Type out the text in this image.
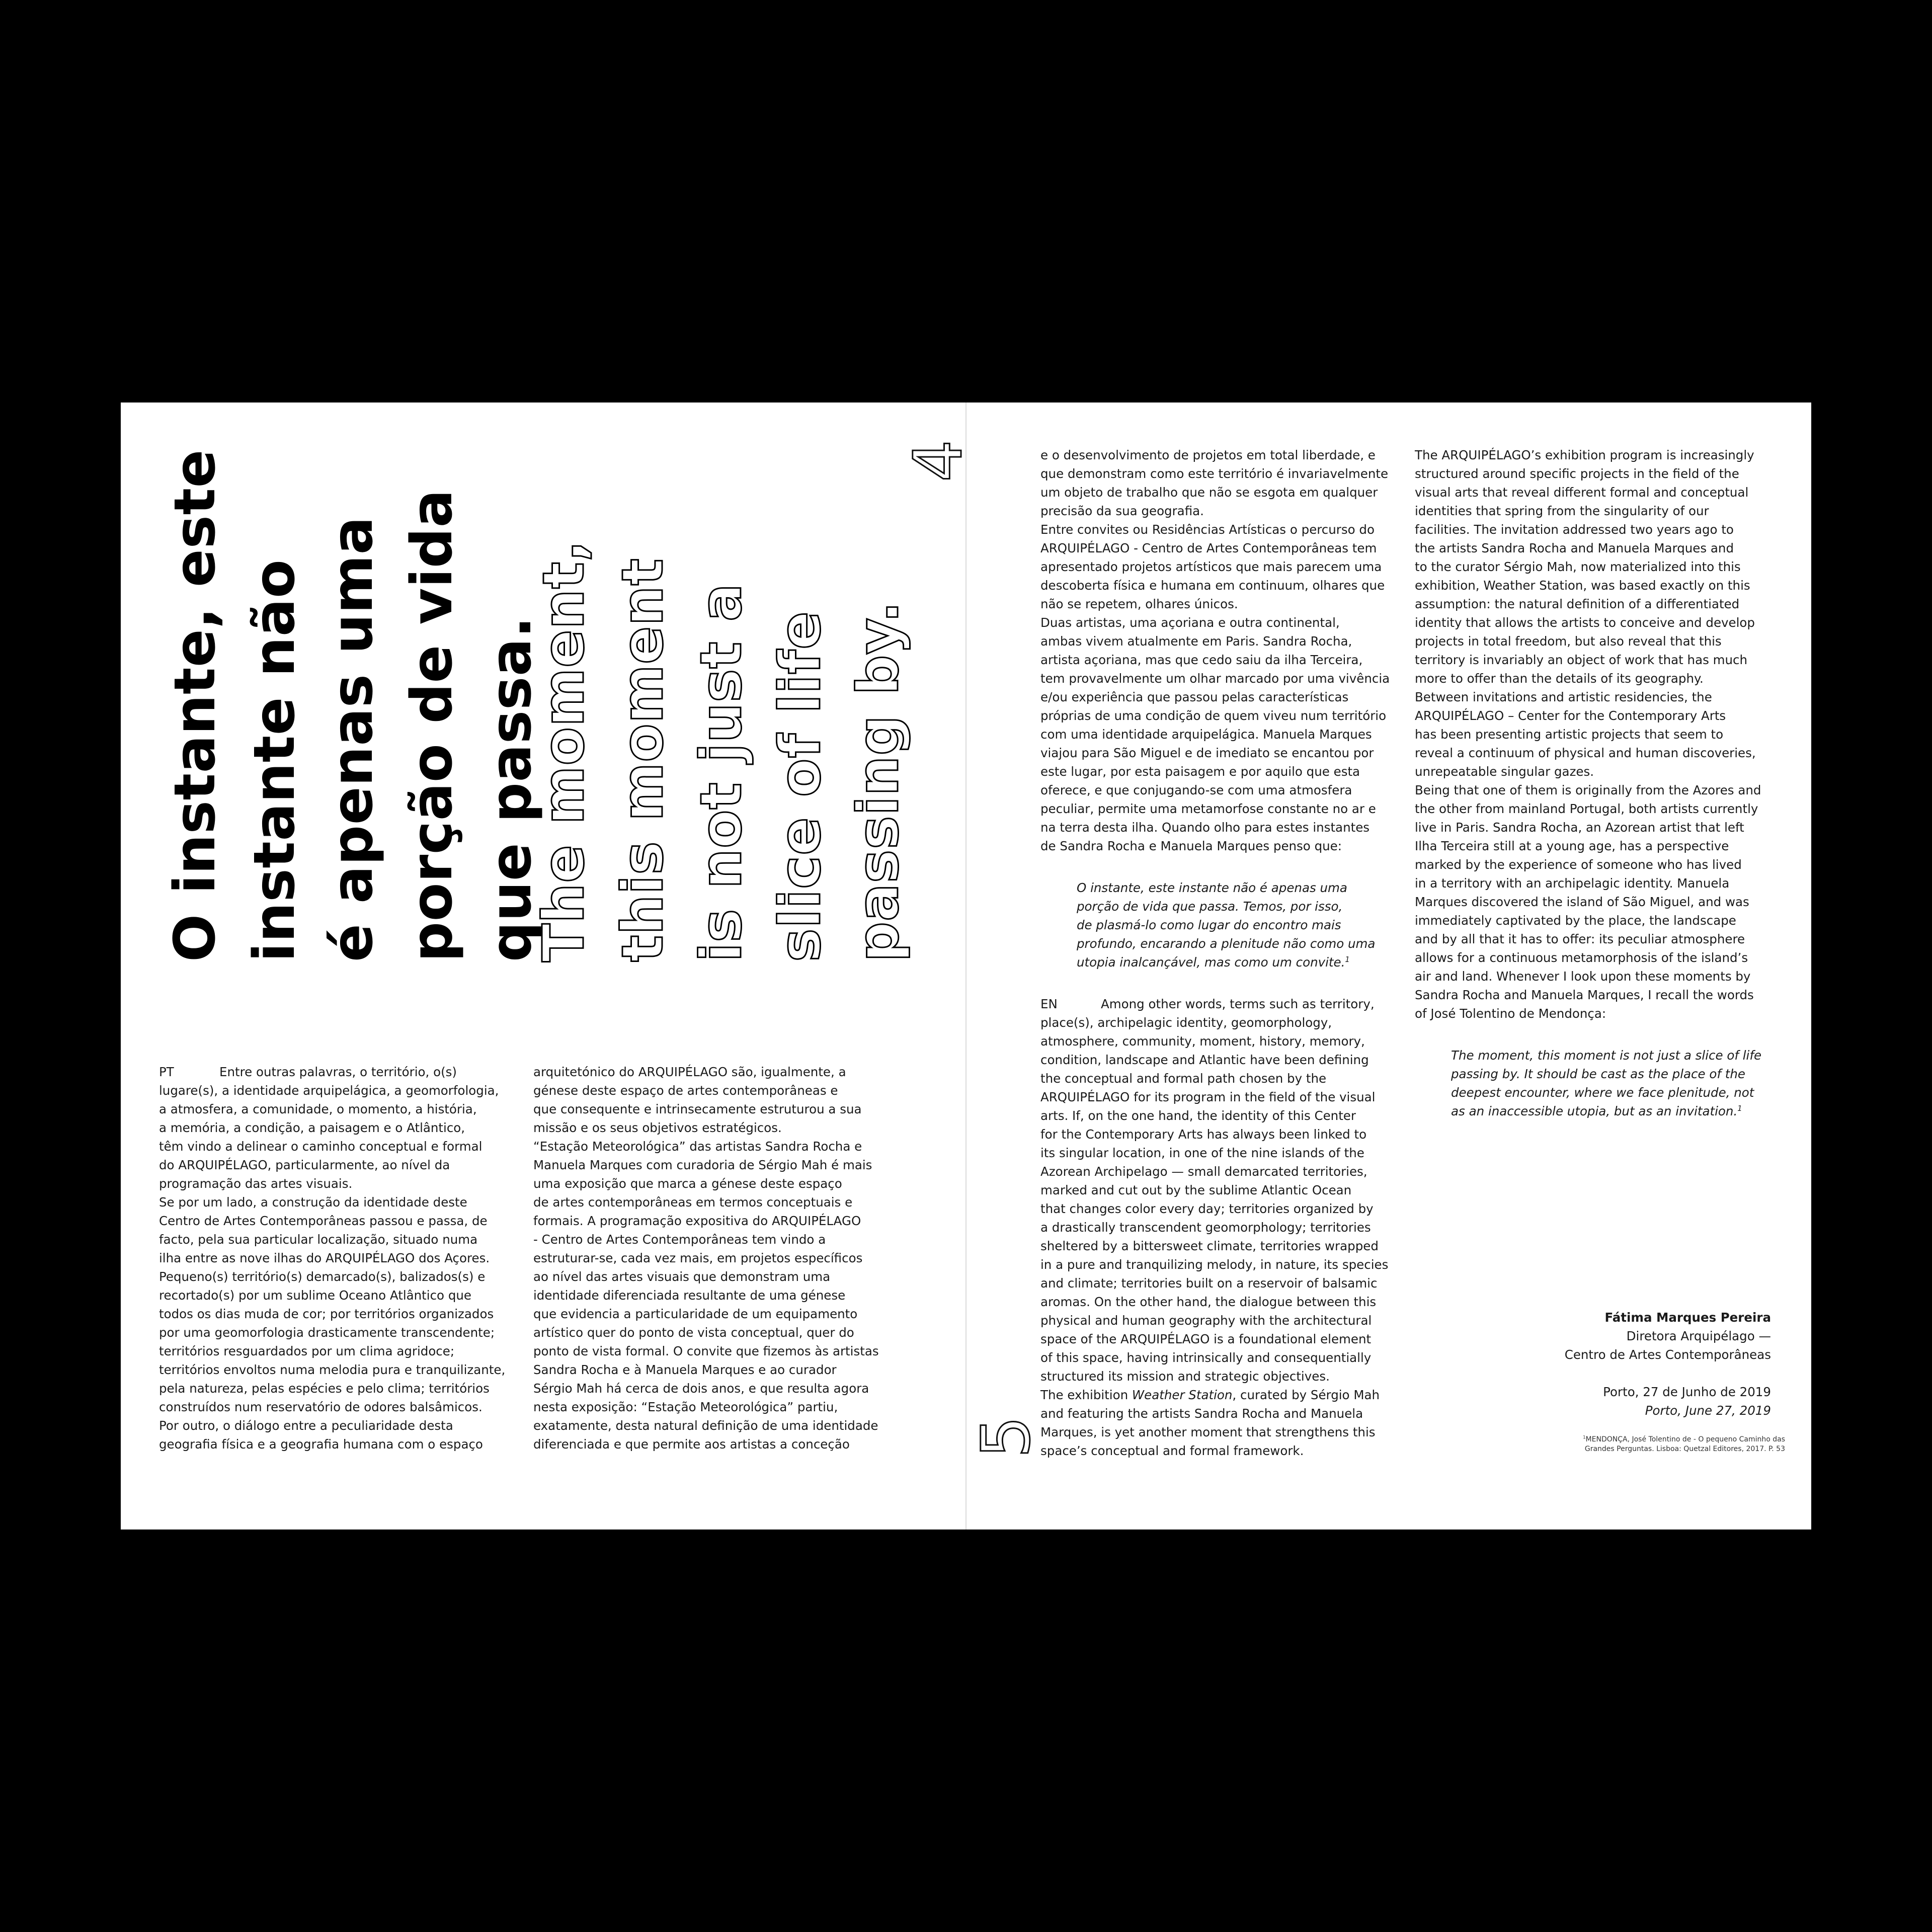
O instante, este instante não é apenas uma porção de vida que passa.
The moment, this moment is not just a slice of life passing by.
4
5

PT	Entre outras palavras, o território, o(s)

lugare(s), a identidade arquipelágica, a geomorfologia,

a atmosfera, a comunidade, o momento, a história,

a memória, a condição, a paisagem e o Atlântico,

têm vindo a delinear o caminho conceptual e formal

do ARQUIPÉLAGO, particularmente, ao nível da

programação das artes visuais.

Se por um lado, a construção da identidade deste

Centro de Artes Contemporâneas passou e passa, de

facto, pela sua particular localização, situado numa

ilha entre as nove ilhas do ARQUIPÉLAGO dos Açores.

Pequeno(s) território(s) demarcado(s), balizados(s) e

recortado(s) por um sublime Oceano Atlântico que

todos os dias muda de cor; por territórios organizados

por uma geomorfologia drasticamente transcendente;

territórios resguardados por um clima agridoce;

territórios envoltos numa melodia pura e tranquilizante,

pela natureza, pelas espécies e pelo clima; territórios

construídos num reservatório de odores balsâmicos.

Por outro, o diálogo entre a peculiaridade desta

geografia física e a geografia humana com o espaço

arquitetónico do ARQUIPÉLAGO são, igualmente, a

génese deste espaço de artes contemporâneas e

que consequente e intrinsecamente estruturou a sua

missão e os seus objetivos estratégicos.

“Estação Meteorológica” das artistas Sandra Rocha e

Manuela Marques com curadoria de Sérgio Mah é mais

uma exposição que marca a génese deste espaço

de artes contemporâneas em termos conceptuais e

formais. A programação expositiva do ARQUIPÉLAGO

- Centro de Artes Contemporâneas tem vindo a

estruturar-se, cada vez mais, em projetos específicos

ao nível das artes visuais que demonstram uma

identidade diferenciada resultante de uma génese

que evidencia a particularidade de um equipamento

artístico quer do ponto de vista conceptual, quer do

ponto de vista formal. O convite que fizemos às artistas

Sandra Rocha e à Manuela Marques e ao curador

Sérgio Mah há cerca de dois anos, e que resulta agora

nesta exposição: “Estação Meteorológica” partiu,

exatamente, desta natural definição de uma identidade

diferenciada e que permite aos artistas a conceção

e o desenvolvimento de projetos em total liberdade, e

que demonstram como este território é invariavelmente

um objeto de trabalho que não se esgota em qualquer

precisão da sua geografia.

Entre convites ou Residências Artísticas o percurso do

ARQUIPÉLAGO - Centro de Artes Contemporâneas tem

apresentado projetos artísticos que mais parecem uma

descoberta física e humana em continuum, olhares que

não se repetem, olhares únicos.

Duas artistas, uma açoriana e outra continental,

ambas vivem atualmente em Paris. Sandra Rocha,

artista açoriana, mas que cedo saiu da ilha Terceira,

tem provavelmente um olhar marcado por uma vivência

e/ou experiência que passou pelas características

próprias de uma condição de quem viveu num território

com uma identidade arquipelágica. Manuela Marques

viajou para São Miguel e de imediato se encantou por

este lugar, por esta paisagem e por aquilo que esta

oferece, e que conjugando-se com uma atmosfera

peculiar, permite uma metamorfose constante no ar e

na terra desta ilha. Quando olho para estes instantes

de Sandra Rocha e Manuela Marques penso que:

O instante, este instante não é apenas uma

porção de vida que passa. Temos, por isso,

de plasmá-lo como lugar do encontro mais

profundo, encarando a plenitude não como uma

utopia inalcançável, mas como um convite.$^1$

EN	Among other words, terms such as territory,

place(s), archipelagic identity, geomorphology,

atmosphere, community, moment, history, memory,

condition, landscape and Atlantic have been defining

the conceptual and formal path chosen by the

ARQUIPÉLAGO for its program in the field of the visual

arts. If, on the one hand, the identity of this Center

for the Contemporary Arts has always been linked to

its singular location, in one of the nine islands of the

Azorean Archipelago — small demarcated territories,

marked and cut out by the sublime Atlantic Ocean

that changes color every day; territories organized by

a drastically transcendent geomorphology; territories

sheltered by a bittersweet climate, territories wrapped

in a pure and tranquilizing melody, in nature, its species

and climate; territories built on a reservoir of balsamic

aromas. On the other hand, the dialogue between this

physical and human geography with the architectural

space of the ARQUIPÉLAGO is a foundational element

of this space, having intrinsically and consequentially

structured its mission and strategic objectives.

The exhibition Weather Station, curated by Sérgio Mah

and featuring the artists Sandra Rocha and Manuela

Marques, is yet another moment that strengthens this

space’s conceptual and formal framework.

The ARQUIPÉLAGO’s exhibition program is increasingly

structured around specific projects in the field of the

visual arts that reveal different formal and conceptual

identities that spring from the singularity of our

facilities. The invitation addressed two years ago to

the artists Sandra Rocha and Manuela Marques and

to the curator Sérgio Mah, now materialized into this

exhibition, Weather Station, was based exactly on this

assumption: the natural definition of a differentiated

identity that allows the artists to conceive and develop

projects in total freedom, but also reveal that this

territory is invariably an object of work that has much

more to offer than the details of its geography.

Between invitations and artistic residencies, the

ARQUIPÉLAGO – Center for the Contemporary Arts

has been presenting artistic projects that seem to

reveal a continuum of physical and human discoveries,

unrepeatable singular gazes.

Being that one of them is originally from the Azores and

the other from mainland Portugal, both artists currently

live in Paris. Sandra Rocha, an Azorean artist that left

Ilha Terceira still at a young age, has a perspective

marked by the experience of someone who has lived

in a territory with an archipelagic identity. Manuela

Marques discovered the island of São Miguel, and was

immediately captivated by the place, the landscape

and by all that it has to offer: its peculiar atmosphere

allows for a continuous metamorphosis of the island’s

air and land. Whenever I look upon these moments by

Sandra Rocha and Manuela Marques, I recall the words

of José Tolentino de Mendonça:

The moment, this moment is not just a slice of life

passing by. It should be cast as the place of the

deepest encounter, where we face plenitude, not

as an inaccessible utopia, but as an invitation.$^1$

Fátima Marques Pereira
Diretora Arquipélago —
Centro de Artes Contemporâneas
Porto, 27 de Junho de 2019
Porto, June 27, 2019
$^1$MENDONÇA, José Tolentino de - O pequeno Caminho das
Grandes Perguntas. Lisboa: Quetzal Editores, 2017. P. 53
